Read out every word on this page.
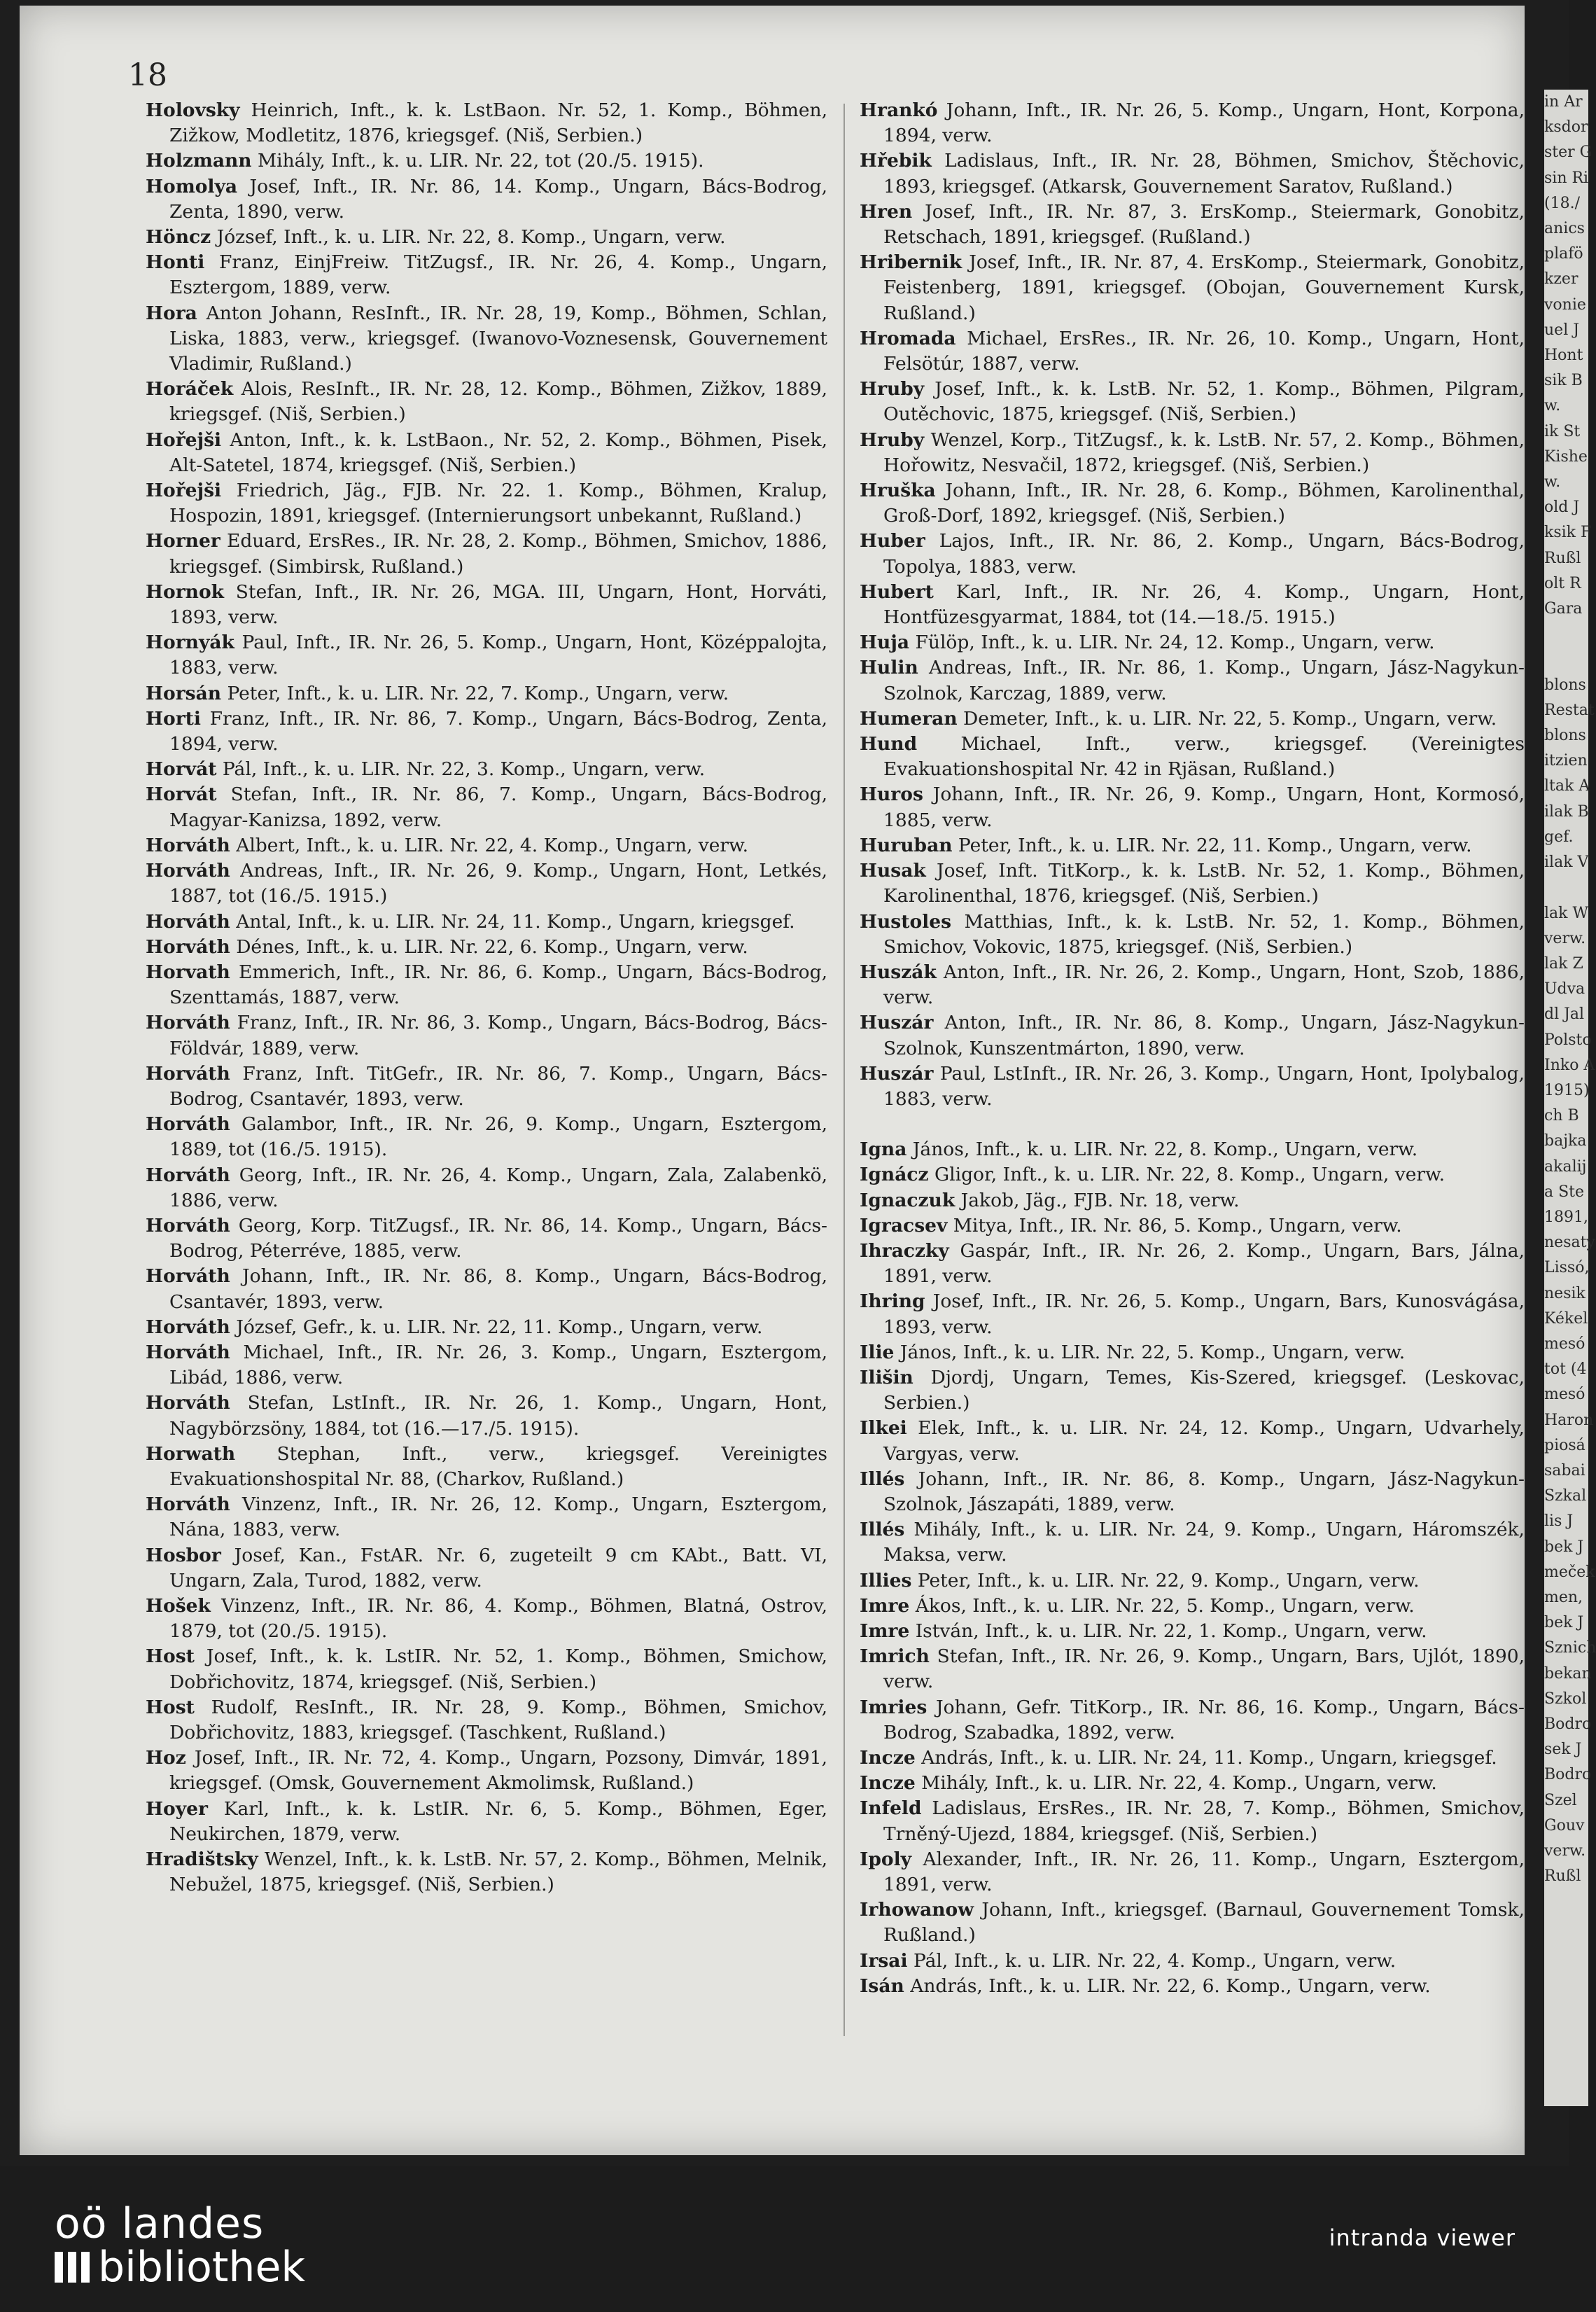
18
Holovsky Heinrich, Inft., k. k. LstBaon. Nr. 52, 1. Komp., Böhmen, Zižkow, Modletitz, 1876, kriegsgef. (Niš, Serbien.)
Holzmann Mihály, Inft., k. u. LIR. Nr. 22, tot (20./5. 1915).
Homolya Josef, Inft., IR. Nr. 86, 14. Komp., Ungarn, Bács-Bodrog, Zenta, 1890, verw.
Höncz József, Inft., k. u. LIR. Nr. 22, 8. Komp., Ungarn, verw.
Honti Franz, EinjFreiw. TitZugsf., IR. Nr. 26, 4. Komp., Ungarn, Esztergom, 1889, verw.
Hora Anton Johann, ResInft., IR. Nr. 28, 19, Komp., Böhmen, Schlan, Liska, 1883, verw., kriegsgef. (Iwanovo-Voznesensk, Gouvernement Vladimir, Rußland.)
Horáček Alois, ResInft., IR. Nr. 28, 12. Komp., Böhmen, Zižkov, 1889, kriegsgef. (Niš, Serbien.)
Hořejši Anton, Inft., k. k. LstBaon., Nr. 52, 2. Komp., Böhmen, Pisek, Alt-Satetel, 1874, kriegsgef. (Niš, Serbien.)
Hořejši Friedrich, Jäg., FJB. Nr. 22. 1. Komp., Böhmen, Kralup, Hospozin, 1891, kriegsgef. (Internierungsort unbekannt, Rußland.)
Horner Eduard, ErsRes., IR. Nr. 28, 2. Komp., Böhmen, Smichov, 1886, kriegsgef. (Simbirsk, Rußland.)
Hornok Stefan, Inft., IR. Nr. 26, MGA. III, Ungarn, Hont, Horváti, 1893, verw.
Hornyák Paul, Inft., IR. Nr. 26, 5. Komp., Ungarn, Hont, Középpalojta, 1883, verw.
Horsán Peter, Inft., k. u. LIR. Nr. 22, 7. Komp., Ungarn, verw.
Horti Franz, Inft., IR. Nr. 86, 7. Komp., Ungarn, Bács-Bodrog, Zenta, 1894, verw.
Horvát Pál, Inft., k. u. LIR. Nr. 22, 3. Komp., Ungarn, verw.
Horvát Stefan, Inft., IR. Nr. 86, 7. Komp., Ungarn, Bács-Bodrog, Magyar-Kanizsa, 1892, verw.
Horváth Albert, Inft., k. u. LIR. Nr. 22, 4. Komp., Ungarn, verw.
Horváth Andreas, Inft., IR. Nr. 26, 9. Komp., Ungarn, Hont, Letkés, 1887, tot (16./5. 1915.)
Horváth Antal, Inft., k. u. LIR. Nr. 24, 11. Komp., Ungarn, kriegsgef.
Horváth Dénes, Inft., k. u. LIR. Nr. 22, 6. Komp., Ungarn, verw.
Horvath Emmerich, Inft., IR. Nr. 86, 6. Komp., Ungarn, Bács-Bodrog, Szenttamás, 1887, verw.
Horváth Franz, Inft., IR. Nr. 86, 3. Komp., Ungarn, Bács-Bodrog, Bács-Földvár, 1889, verw.
Horváth Franz, Inft. TitGefr., IR. Nr. 86, 7. Komp., Ungarn, Bács-Bodrog, Csantavér, 1893, verw.
Horváth Galambor, Inft., IR. Nr. 26, 9. Komp., Ungarn, Esztergom, 1889, tot (16./5. 1915).
Horváth Georg, Inft., IR. Nr. 26, 4. Komp., Ungarn, Zala, Zalabenkö, 1886, verw.
Horváth Georg, Korp. TitZugsf., IR. Nr. 86, 14. Komp., Ungarn, Bács-Bodrog, Péterréve, 1885, verw.
Horváth Johann, Inft., IR. Nr. 86, 8. Komp., Ungarn, Bács-Bodrog, Csantavér, 1893, verw.
Horváth József, Gefr., k. u. LIR. Nr. 22, 11. Komp., Ungarn, verw.
Horváth Michael, Inft., IR. Nr. 26, 3. Komp., Ungarn, Esztergom, Libád, 1886, verw.
Horváth Stefan, LstInft., IR. Nr. 26, 1. Komp., Ungarn, Hont, Nagybörzsöny, 1884, tot (16.—17./5. 1915).
Horwath Stephan, Inft., verw., kriegsgef. Vereinigtes Evakuationshospital Nr. 88, (Charkov, Rußland.)
Horváth Vinzenz, Inft., IR. Nr. 26, 12. Komp., Ungarn, Esztergom, Nána, 1883, verw.
Hosbor Josef, Kan., FstAR. Nr. 6, zugeteilt 9 cm KAbt., Batt. VI, Ungarn, Zala, Turod, 1882, verw.
Hošek Vinzenz, Inft., IR. Nr. 86, 4. Komp., Böhmen, Blatná, Ostrov, 1879, tot (20./5. 1915).
Host Josef, Inft., k. k. LstIR. Nr. 52, 1. Komp., Böhmen, Smichow, Dobřichovitz, 1874, kriegsgef. (Niš, Serbien.)
Host Rudolf, ResInft., IR. Nr. 28, 9. Komp., Böhmen, Smichov, Dobřichovitz, 1883, kriegsgef. (Taschkent, Rußland.)
Hoz Josef, Inft., IR. Nr. 72, 4. Komp., Ungarn, Pozsony, Dimvár, 1891, kriegsgef. (Omsk, Gouvernement Akmolimsk, Rußland.)
Hoyer Karl, Inft., k. k. LstIR. Nr. 6, 5. Komp., Böhmen, Eger, Neukirchen, 1879, verw.
Hradištsky Wenzel, Inft., k. k. LstB. Nr. 57, 2. Komp., Böhmen, Melnik, Nebužel, 1875, kriegsgef. (Niš, Serbien.)
Hrankó Johann, Inft., IR. Nr. 26, 5. Komp., Ungarn, Hont, Korpona, 1894, verw.
Hřebik Ladislaus, Inft., IR. Nr. 28, Böhmen, Smichov, Štěchovic, 1893, kriegsgef. (Atkarsk, Gouvernement Saratov, Rußland.)
Hren Josef, Inft., IR. Nr. 87, 3. ErsKomp., Steiermark, Gonobitz, Retschach, 1891, kriegsgef. (Rußland.)
Hribernik Josef, Inft., IR. Nr. 87, 4. ErsKomp., Steiermark, Gonobitz, Feistenberg, 1891, kriegsgef. (Obojan, Gouvernement Kursk, Rußland.)
Hromada Michael, ErsRes., IR. Nr. 26, 10. Komp., Ungarn, Hont, Felsötúr, 1887, verw.
Hruby Josef, Inft., k. k. LstB. Nr. 52, 1. Komp., Böhmen, Pilgram, Outěchovic, 1875, kriegsgef. (Niš, Serbien.)
Hruby Wenzel, Korp., TitZugsf., k. k. LstB. Nr. 57, 2. Komp., Böhmen, Hořowitz, Nesvačil, 1872, kriegsgef. (Niš, Serbien.)
Hruška Johann, Inft., IR. Nr. 28, 6. Komp., Böhmen, Karolinenthal, Groß-Dorf, 1892, kriegsgef. (Niš, Serbien.)
Huber Lajos, Inft., IR. Nr. 86, 2. Komp., Ungarn, Bács-Bodrog, Topolya, 1883, verw.
Hubert Karl, Inft., IR. Nr. 26, 4. Komp., Ungarn, Hont, Hontfüzesgyarmat, 1884, tot (14.—18./5. 1915.)
Huja Fülöp, Inft., k. u. LIR. Nr. 24, 12. Komp., Ungarn, verw.
Hulin Andreas, Inft., IR. Nr. 86, 1. Komp., Ungarn, Jász-Nagykun-Szolnok, Karczag, 1889, verw.
Humeran Demeter, Inft., k. u. LIR. Nr. 22, 5. Komp., Ungarn, verw.
Hund Michael, Inft., verw., kriegsgef. (Vereinigtes Evakuationshospital Nr. 42 in Rjäsan, Rußland.)
Huros Johann, Inft., IR. Nr. 26, 9. Komp., Ungarn, Hont, Kormosó, 1885, verw.
Huruban Peter, Inft., k. u. LIR. Nr. 22, 11. Komp., Ungarn, verw.
Husak Josef, Inft. TitKorp., k. k. LstB. Nr. 52, 1. Komp., Böhmen, Karolinenthal, 1876, kriegsgef. (Niš, Serbien.)
Hustoles Matthias, Inft., k. k. LstB. Nr. 52, 1. Komp., Böhmen, Smichov, Vokovic, 1875, kriegsgef. (Niš, Serbien.)
Huszák Anton, Inft., IR. Nr. 26, 2. Komp., Ungarn, Hont, Szob, 1886, verw.
Huszár Anton, Inft., IR. Nr. 86, 8. Komp., Ungarn, Jász-Nagykun-Szolnok, Kunszentmárton, 1890, verw.
Huszár Paul, LstInft., IR. Nr. 26, 3. Komp., Ungarn, Hont, Ipolybalog, 1883, verw.
Igna János, Inft., k. u. LIR. Nr. 22, 8. Komp., Ungarn, verw.
Ignácz Gligor, Inft., k. u. LIR. Nr. 22, 8. Komp., Ungarn, verw.
Ignaczuk Jakob, Jäg., FJB. Nr. 18, verw.
Igracsev Mitya, Inft., IR. Nr. 86, 5. Komp., Ungarn, verw.
Ihraczky Gaspár, Inft., IR. Nr. 26, 2. Komp., Ungarn, Bars, Jálna, 1891, verw.
Ihring Josef, Inft., IR. Nr. 26, 5. Komp., Ungarn, Bars, Kunosvágása, 1893, verw.
Ilie János, Inft., k. u. LIR. Nr. 22, 5. Komp., Ungarn, verw.
Ilišin Djordj, Ungarn, Temes, Kis-Szered, kriegsgef. (Leskovac, Serbien.)
Ilkei Elek, Inft., k. u. LIR. Nr. 24, 12. Komp., Ungarn, Udvarhely, Vargyas, verw.
Illés Johann, Inft., IR. Nr. 86, 8. Komp., Ungarn, Jász-Nagykun-Szolnok, Jászapáti, 1889, verw.
Illés Mihály, Inft., k. u. LIR. Nr. 24, 9. Komp., Ungarn, Háromszék, Maksa, verw.
Illies Peter, Inft., k. u. LIR. Nr. 22, 9. Komp., Ungarn, verw.
Imre Ákos, Inft., k. u. LIR. Nr. 22, 5. Komp., Ungarn, verw.
Imre István, Inft., k. u. LIR. Nr. 22, 1. Komp., Ungarn, verw.
Imrich Stefan, Inft., IR. Nr. 26, 9. Komp., Ungarn, Bars, Ujlót, 1890, verw.
Imries Johann, Gefr. TitKorp., IR. Nr. 86, 16. Komp., Ungarn, Bács-Bodrog, Szabadka, 1892, verw.
Incze András, Inft., k. u. LIR. Nr. 24, 11. Komp., Ungarn, kriegsgef.
Incze Mihály, Inft., k. u. LIR. Nr. 22, 4. Komp., Ungarn, verw.
Infeld Ladislaus, ErsRes., IR. Nr. 28, 7. Komp., Böhmen, Smichov, Trněný-Ujezd, 1884, kriegsgef. (Niš, Serbien.)
Ipoly Alexander, Inft., IR. Nr. 26, 11. Komp., Ungarn, Esztergom, 1891, verw.
Irhowanow Johann, Inft., kriegsgef. (Barnaul, Gouvernement Tomsk, Rußland.)
Irsai Pál, Inft., k. u. LIR. Nr. 22, 4. Komp., Ungarn, verw.
Isán András, Inft., k. u. LIR. Nr. 22, 6. Komp., Ungarn, verw.
in Ar
ksdor
ster G
sin Ri
(18./
anics
plafö
kzer
vonie
uel J
Hont
sik B
w.
ik St
Kishe
w.
old J
ksik F
Rußl
olt R
Gara

blons
Restat
blons
itzien
ltak A
ilak B
gef.
ilak V

lak W
verw.
lak Z
Udva
dl Jal
Polsto
Inko A
1915)
ch B
bajka
akalij
a Ste
1891,
nesaty
Lissó,
nesik
Kékel
mesó
tot (4
mesó
Haron
piosá
sabai
Szkal
lis J
bek J
meček
men,
bek J
Sznich
bekan
Szkol
Bodro
sek J
Bodro
Szel
Gouv
verw.
Rußl
oö landes
bibliothek
intranda viewer
